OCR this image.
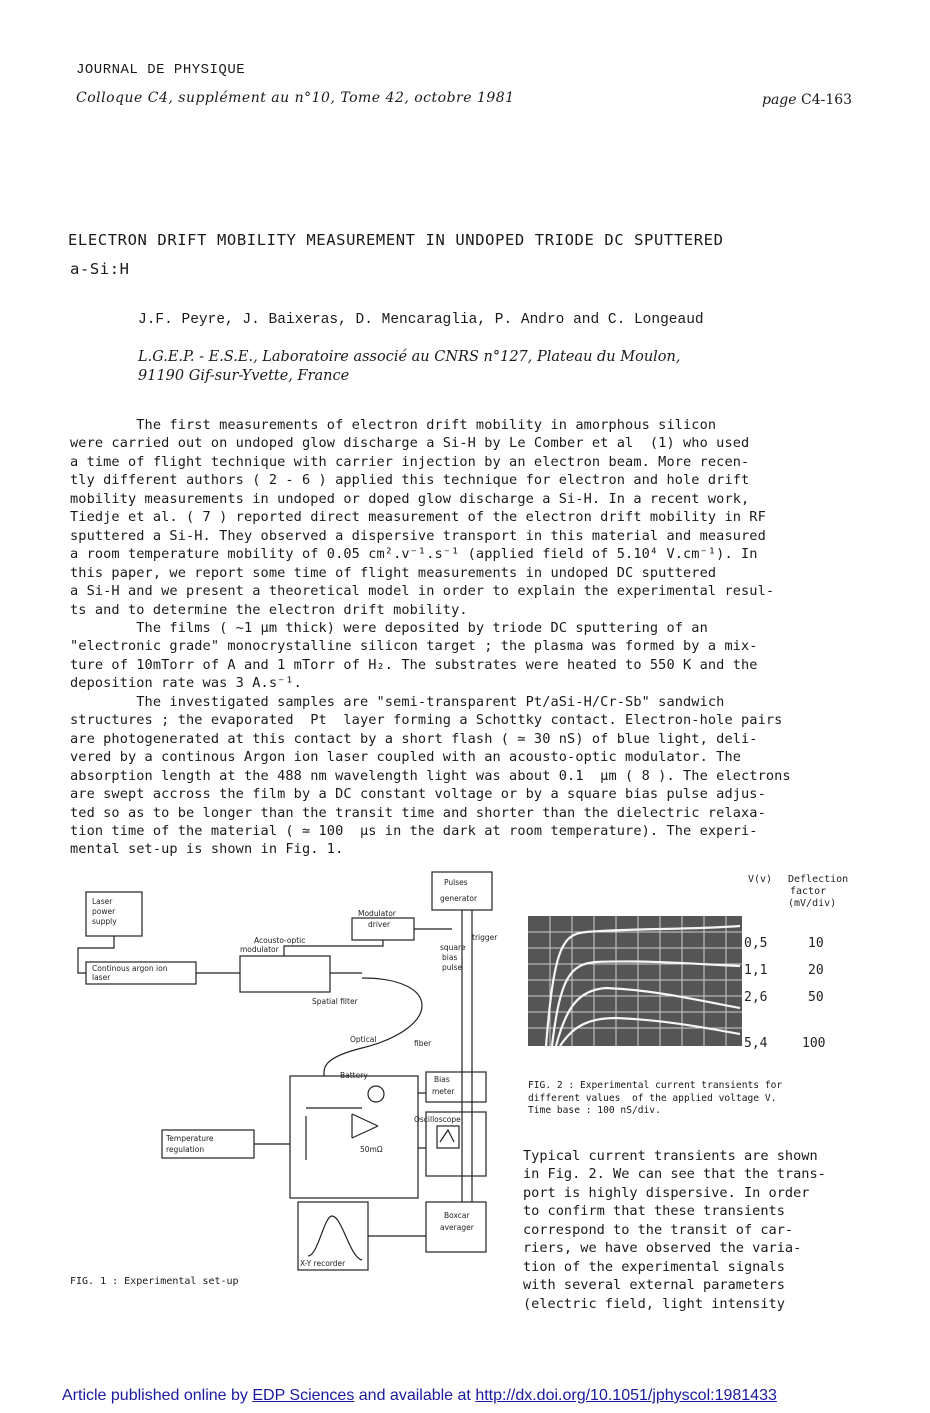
JOURNAL DE PHYSIQUE
Colloque C4, supplément au n°10, Tome 42, octobre 1981	page C4-163
ELECTRON DRIFT MOBILITY MEASUREMENT IN UNDOPED TRIODE DC SPUTTERED
a-Si:H
J.F. Peyre, J. Baixeras, D. Mencaraglia, P. Andro and C. Longeaud
L.G.E.P. - E.S.E., Laboratoire associé au CNRS n°127, Plateau du Moulon,
91190 Gif-sur-Yvette, France
The first measurements of electron drift mobility in amorphous silicon
were carried out on undoped glow discharge a Si-H by Le Comber et al  (1) who used
a time of flight technique with carrier injection by an electron beam. More recen-
tly different authors ( 2 - 6 ) applied this technique for electron and hole drift
mobility measurements in undoped or doped glow discharge a Si-H. In a recent work,
Tiedje et al. ( 7 ) reported direct measurement of the electron drift mobility in RF
sputtered a Si-H. They observed a dispersive transport in this material and measured
a room temperature mobility of 0.05 cm².v⁻¹.s⁻¹ (applied field of 5.10⁴ V.cm⁻¹). In
this paper, we report some time of flight measurements in undoped DC sputtered
a Si-H and we present a theoretical model in order to explain the experimental resul-
ts and to determine the electron drift mobility.
The films ( ~1 μm thick) were deposited by triode DC sputtering of an
"electronic grade" monocrystalline silicon target ; the plasma was formed by a mix-
ture of 10mTorr of A and 1 mTorr of H₂. The substrates were heated to 550 K and the
deposition rate was 3 A.s⁻¹.
The investigated samples are "semi-transparent Pt/aSi-H/Cr-Sb" sandwich
structures ; the evaporated  Pt  layer forming a Schottky contact. Electron-hole pairs
are photogenerated at this contact by a short flash ( ≃ 30 nS) of blue light, deli-
vered by a continous Argon ion laser coupled with an acousto-optic modulator. The
absorption length at the 488 nm wavelength light was about 0.1  μm ( 8 ). The electrons
are swept accross the film by a DC constant voltage or by a square bias pulse adjus-
ted so as to be longer than the transit time and shorter than the dielectric relaxa-
tion time of the material ( ≃ 100  μs in the dark at room temperature). The experi-
mental set-up is shown in Fig. 1.
Laser
power
supply
Continous argon ion
laser
Pulses
generator
Modulator
driver
Acousto-optic
modulator	square
bias
pulse
trigger
Spatial filter
Optical	fiber
Battery	Bias
meter
Oscilloscope
Temperature
regulation	50mΩ
Boxcar
averager
X-Y recorder
FIG. 1 : Experimental set-up
V(v) Deflection
factor
(mV/div)
0,5	10
1,1	20
2,6	50
5,4	100
FIG. 2 : Experimental current transients for
different values  of the applied voltage V.
Time base : 100 nS/div.
Typical current transients are shown
in Fig. 2. We can see that the trans-
port is highly dispersive. In order
to confirm that these transients
correspond to the transit of car-
riers, we have observed the varia-
tion of the experimental signals
with several external parameters
(electric field, light intensity
Article published online by EDP Sciences and available at http://dx.doi.org/10.1051/jphyscol:1981433
